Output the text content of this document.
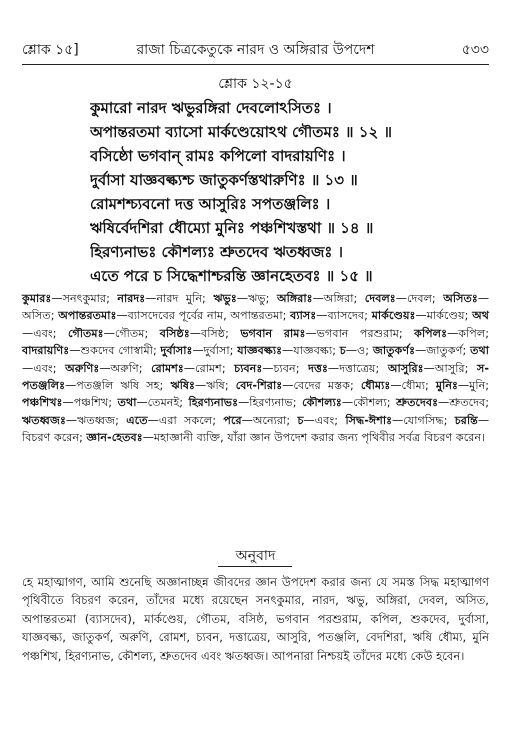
শ্লোক ১৫]	রাজা চিত্রকেতুকে নারদ ও অঙ্গিরার উপদেশ	৫৩৩
শ্লোক ১২-১৫
কুমারো নারদ ঋভুরঙ্গিরা দেবলোঽসিতঃ ।
অপান্তরতমা ব্যাসো মার্কণ্ডেয়োঽথ গৌতমঃ ॥ ১২ ॥
বসিষ্ঠো ভগবান্ রামঃ কপিলো বাদরায়ণিঃ ।
দুর্বাসা যাজ্ঞবল্ক্যশ্চ জাতুকর্ণস্তথারুণিঃ ॥ ১৩ ॥
রোমশশ্চ্যবনো দত্ত আসুরিঃ সপতঞ্জলিঃ ।
ঋষির্বেদশিরা ধৌম্যো মুনিঃ পঞ্চশিখস্তথা ॥ ১৪ ॥
হিরণ্যনাভঃ কৌশল্যঃ শ্রুতদেব ঋতধ্বজঃ ।
এতে পরে চ সিদ্ধেশাশ্চরন্তি জ্ঞানহেতবঃ ॥ ১৫ ॥
কুমারঃ—সনৎকুমার; নারদঃ—নারদ মুনি; ঋভুঃ—ঋভু; অঙ্গিরাঃ—অঙ্গিরা; দেবলঃ—দেবল; অসিতঃ—অসিত; অপান্তরতমাঃ—ব্যাসদেবের পূর্বের নাম, অপান্তরতমা; ব্যাসঃ—ব্যাসদেব; মার্কণ্ডেয়ঃ—মার্কণ্ডেয়; অথ—এবং; গৌতমঃ—গৌতম; বসিষ্ঠঃ—বসিষ্ঠ; ভগবান রামঃ—ভগবান পরশুরাম; কপিলঃ—কপিল; বাদরায়ণিঃ—শুকদেব গোস্বামী; দুর্বাসাঃ—দুর্বাসা; যাজ্ঞবল্ক্যঃ—যাজ্ঞবল্ক্য; চ—ও; জাতুকর্ণঃ—জাতুকর্ণ; তথা—এবং; অরুণিঃ—অরুণি; রোমশঃ—রোমশ; চ্যবনঃ—চ্যবন; দত্তঃ—দত্তাত্রেয়; আসুরিঃ—আসুরি; স-পতঞ্জলিঃ—পতঞ্জলি ঋষি সহ; ঋষিঃ—ঋষি; বেদ-শিরাঃ—বেদের মস্তক; ধৌম্যঃ—ধৌম্য; মুনিঃ—মুনি; পঞ্চশিখঃ—পঞ্চশিখ; তথা—তেমনই; হিরণ্যনাভঃ—হিরণ্যনাভ; কৌশল্যঃ—কৌশল্য; শ্রুতদেবঃ—শ্রুতদেব; ঋতধ্বজঃ—ঋতধ্বজ; এতে—এরা সকলে; পরে—অন্যেরা; চ—এবং; সিদ্ধ-ঈশাঃ—যোগসিদ্ধ; চরন্তি—বিচরণ করেন; জ্ঞান-হেতবঃ—মহাজ্ঞানী ব্যক্তি, যাঁরা জ্ঞান উপদেশ করার জন্য পৃথিবীর সর্বত্র বিচরণ করেন।
অনুবাদ
হে মহাত্মাগণ, আমি শুনেছি অজ্ঞানাচ্ছন্ন জীবদের জ্ঞান উপদেশ করার জন্য যে সমস্ত সিদ্ধ মহাত্মাগণ পৃথিবীতে বিচরণ করেন, তাঁদের মধ্যে রয়েছেন সনৎকুমার, নারদ, ঋভু, অঙ্গিরা, দেবল, অসিত, অপান্তরতমা (ব্যাসদেব), মার্কণ্ডেয়, গৌতম, বসিষ্ঠ, ভগবান পরশুরাম, কপিল, শুকদেব, দুর্বাসা, যাজ্ঞবল্ক্য, জাতুকর্ণ, অরুণি, রোমশ, চ্যবন, দত্তাত্রেয়, আসুরি, পতঞ্জলি, বেদশিরা, ঋষি ধৌম্য, মুনি পঞ্চশিখ, হিরণ্যনাভ, কৌশল্য, শ্রুতদেব এবং ঋতধ্বজ। আপনারা নিশ্চয়ই তাঁদের মধ্যে কেউ হবেন।
